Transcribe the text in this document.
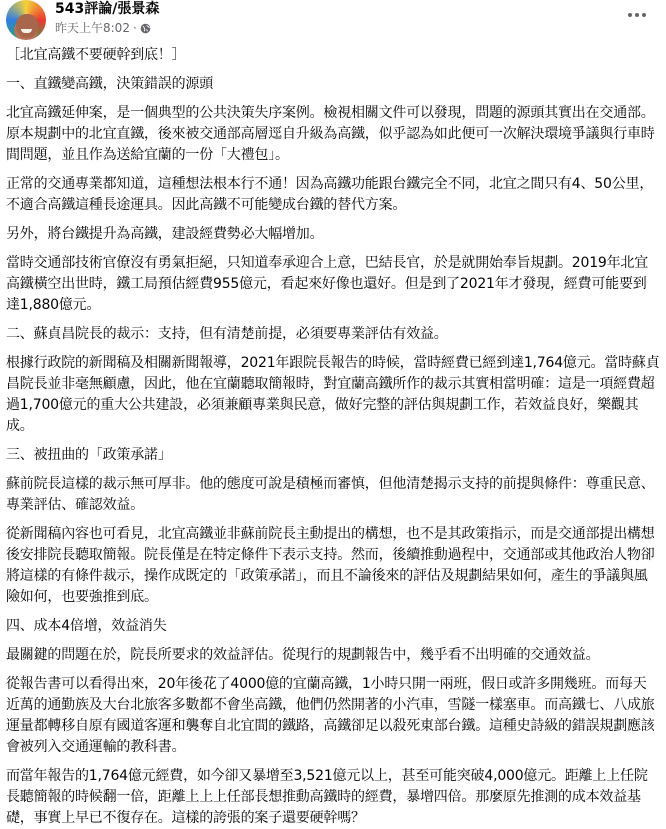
543評論/張景森
昨天上午8:02 ·

［北宜高鐵不要硬幹到底！］

一、直鐵變高鐵，決策錯誤的源頭

北宜高鐵延伸案，是一個典型的公共決策失序案例。檢視相關文件可以發現，問題的源頭其實出在交通部。原本規劃中的北宜直鐵，後來被交通部高層逕自升級為高鐵，似乎認為如此便可一次解決環境爭議與行車時間問題，並且作為送給宜蘭的一份「大禮包」。

正常的交通專業都知道，這種想法根本行不通！因為高鐵功能跟台鐵完全不同，北宜之間只有4、50公里，不適合高鐵這種長途運具。因此高鐵不可能變成台鐵的替代方案。

另外，將台鐵提升為高鐵，建設經費勢必大幅增加。

當時交通部技術官僚沒有勇氣拒絕，只知道奉承迎合上意，巴結長官，於是就開始奉旨規劃。2019年北宜高鐵橫空出世時，鐵工局預估經費955億元，看起來好像也還好。但是到了2021年才發現，經費可能要到達1,880億元。

二、蘇貞昌院長的裁示：支持，但有清楚前提，必須要專業評估有效益。

根據行政院的新聞稿及相關新聞報導，2021年跟院長報告的時候，當時經費已經到達1,764億元。當時蘇貞昌院長並非毫無顧慮，因此，他在宜蘭聽取簡報時，對宜蘭高鐵所作的裁示其實相當明確：這是一項經費超過1,700億元的重大公共建設，必須兼顧專業與民意，做好完整的評估與規劃工作，若效益良好，樂觀其成。

三、被扭曲的「政策承諾」

蘇前院長這樣的裁示無可厚非。他的態度可說是積極而審慎，但他清楚揭示支持的前提與條件：尊重民意、專業評估、確認效益。

從新聞稿內容也可看見，北宜高鐵並非蘇前院長主動提出的構想，也不是其政策指示，而是交通部提出構想後安排院長聽取簡報。院長僅是在特定條件下表示支持。然而，後續推動過程中，交通部或其他政治人物卻將這樣的有條件裁示，操作成既定的「政策承諾」，而且不論後來的評估及規劃結果如何，產生的爭議與風險如何，也要強推到底。

四、成本4倍增，效益消失

最關鍵的問題在於，院長所要求的效益評估。從現行的規劃報告中，幾乎看不出明確的交通效益。

從報告書可以看得出來，20年後花了4000億的宜蘭高鐵，1小時只開一兩班，假日或許多開幾班。而每天近萬的通勤族及大台北旅客多數都不會坐高鐵，他們仍然開著的小汽車，雪隧一樣塞車。而高鐵七、八成旅運量都轉移自原有國道客運和襲奪自北宜間的鐵路，高鐵卻足以殺死東部台鐵。這種史詩級的錯誤規劃應該會被列入交通運輸的教科書。

而當年報告的1,764億元經費，如今卻又暴增至3,521億元以上，甚至可能突破4,000億元。距離上上任院長聽簡報的時候翻一倍，距離上上上任部長想推動高鐵時的經費，暴增四倍。那麼原先推測的成本效益基礎，事實上早已不復存在。這樣的誇張的案子還要硬幹嗎？
